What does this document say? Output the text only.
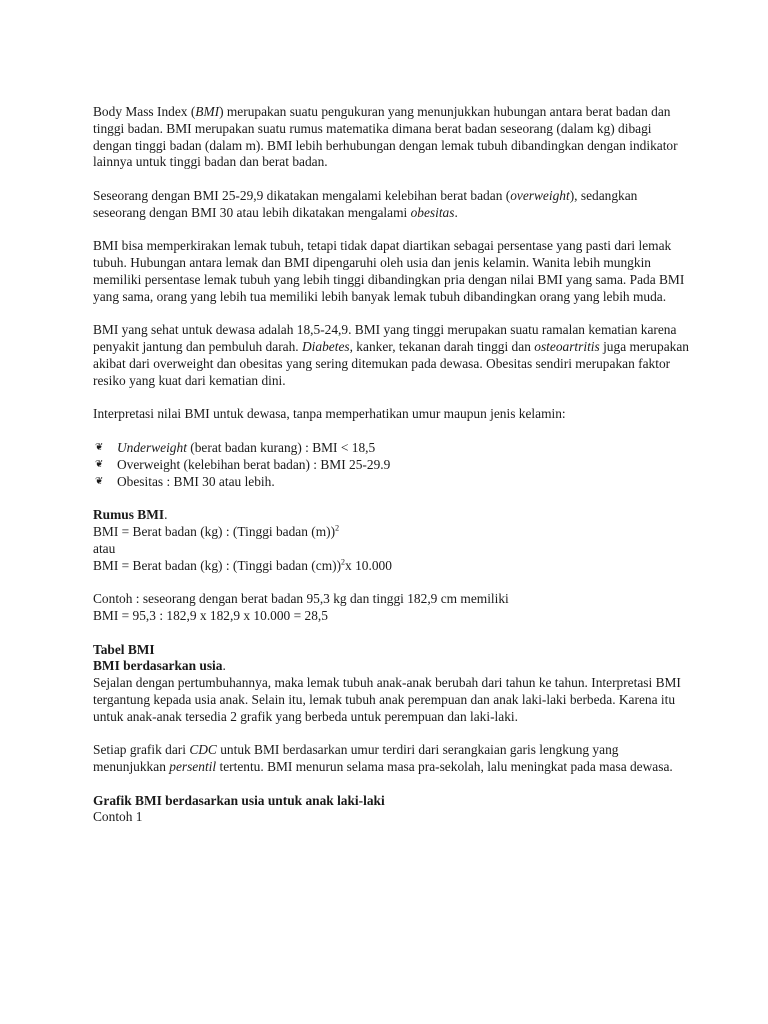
Body Mass Index (BMI) merupakan suatu pengukuran yang menunjukkan hubungan antara berat badan dan tinggi badan. BMI merupakan suatu rumus matematika dimana berat badan seseorang (dalam kg) dibagi dengan tinggi badan (dalam m). BMI lebih berhubungan dengan lemak tubuh dibandingkan dengan indikator lainnya untuk tinggi badan dan berat badan.

Seseorang dengan BMI 25-29,9 dikatakan mengalami kelebihan berat badan (overweight), sedangkan seseorang dengan BMI 30 atau lebih dikatakan mengalami obesitas.

BMI bisa memperkirakan lemak tubuh, tetapi tidak dapat diartikan sebagai persentase yang pasti dari lemak tubuh. Hubungan antara lemak dan BMI dipengaruhi oleh usia dan jenis kelamin. Wanita lebih mungkin memiliki persentase lemak tubuh yang lebih tinggi dibandingkan pria dengan nilai BMI yang sama. Pada BMI yang sama, orang yang lebih tua memiliki lebih banyak lemak tubuh dibandingkan orang yang lebih muda.

BMI yang sehat untuk dewasa adalah 18,5-24,9. BMI yang tinggi merupakan suatu ramalan kematian karena penyakit jantung dan pembuluh darah. Diabetes, kanker, tekanan darah tinggi dan osteoartritis juga merupakan akibat dari overweight dan obesitas yang sering ditemukan pada dewasa. Obesitas sendiri merupakan faktor resiko yang kuat dari kematian dini.

Interpretasi nilai BMI untuk dewasa, tanpa memperhatikan umur maupun jenis kelamin:

❦ Underweight (berat badan kurang) : BMI < 18,5
❦ Overweight (kelebihan berat badan) : BMI 25-29.9
❦ Obesitas : BMI 30 atau lebih.

Rumus BMI.

BMI = Berat badan (kg) : (Tinggi badan (m))$^2$

atau

BMI = Berat badan (kg) : (Tinggi badan (cm))$^2$x 10.000

Contoh : seseorang dengan berat badan 95,3 kg dan tinggi 182,9 cm memiliki

BMI = 95,3 : 182,9 x 182,9 x 10.000 = 28,5

Tabel BMI

BMI berdasarkan usia.

Sejalan dengan pertumbuhannya, maka lemak tubuh anak-anak berubah dari tahun ke tahun. Interpretasi BMI tergantung kepada usia anak. Selain itu, lemak tubuh anak perempuan dan anak laki-laki berbeda. Karena itu untuk anak-anak tersedia 2 grafik yang berbeda untuk perempuan dan laki-laki.

Setiap grafik dari CDC untuk BMI berdasarkan umur terdiri dari serangkaian garis lengkung yang menunjukkan persentil tertentu. BMI menurun selama masa pra-sekolah, lalu meningkat pada masa dewasa.

Grafik BMI berdasarkan usia untuk anak laki-laki

Contoh 1
